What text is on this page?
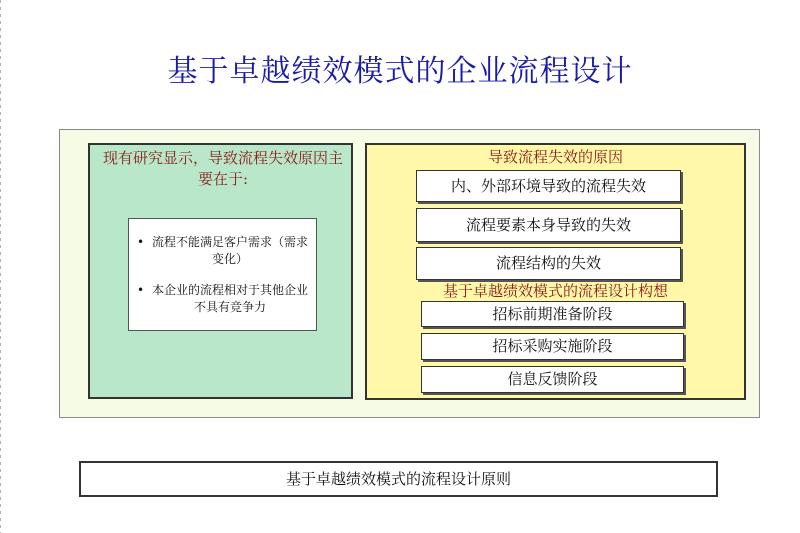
基于卓越绩效模式的企业流程设计
现有研究显示，导致流程失效原因主要在于:
• 流程不能满足客户需求（需求变化）
• 本企业的流程相对于其他企业不具有竞争力
导致流程失效的原因
内、外部环境导致的流程失效
流程要素本身导致的失效
流程结构的失效
基于卓越绩效模式的流程设计构想
招标前期准备阶段
招标采购实施阶段
信息反馈阶段
基于卓越绩效模式的流程设计原则
